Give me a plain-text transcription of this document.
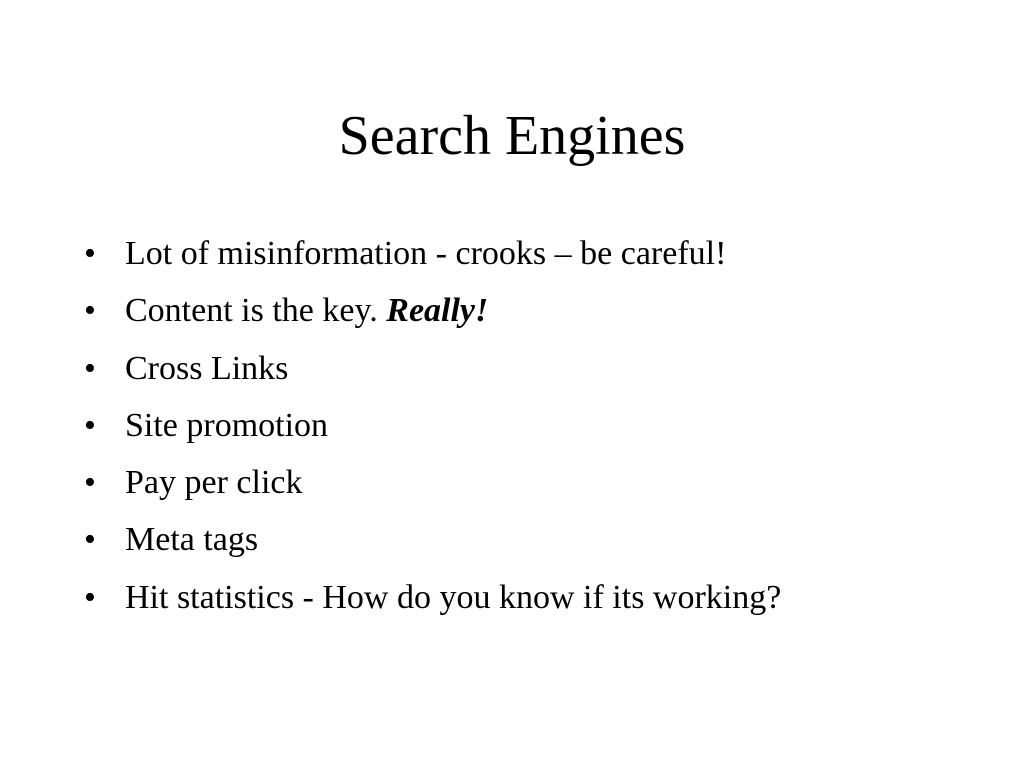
Search Engines
• Lot of misinformation - crooks – be careful!
• Content is the key. Really!
• Cross Links
• Site promotion
• Pay per click
• Meta tags
• Hit statistics - How do you know if its working?
